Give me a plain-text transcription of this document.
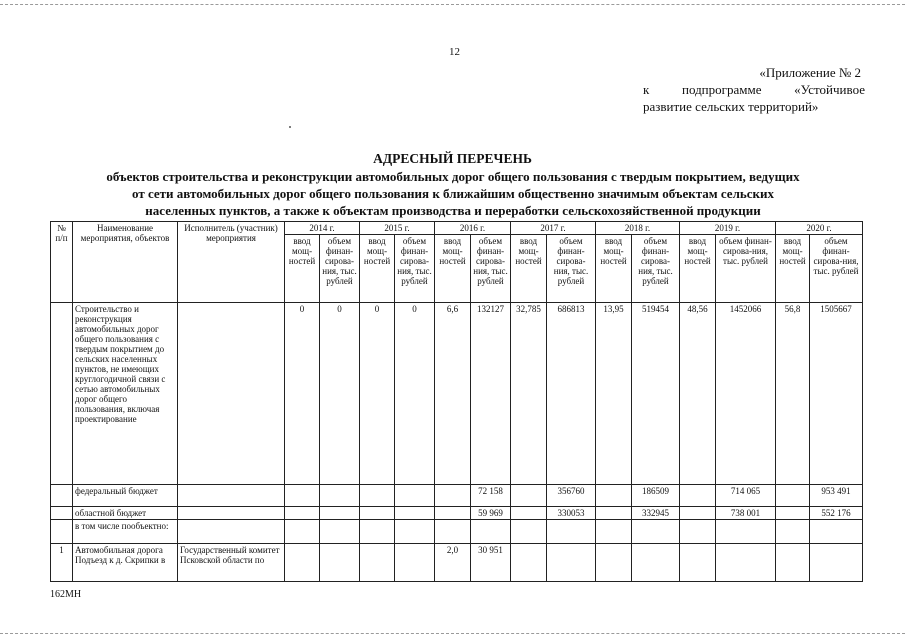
12
«Приложение № 2
к подпрограмме «Устойчивое
развитие сельских территорий»
АДРЕСНЫЙ ПЕРЕЧЕНЬ
объектов строительства и реконструкции автомобильных дорог общего пользования с твердым покрытием, ведущих
от сети автомобильных дорог общего пользования к ближайшим общественно значимым объектам сельских
населенных пунктов, а также к объектам производства и переработки сельскохозяйственной продукции
№ п/п	Наименование мероприятия, объектов	Исполнитель (участник) мероприятия	2014 г.		2015 г.		2016 г.		2017 г.		2018 г.		2019 г.		2020 г.	
			ввод мощ-ностей	объем финан-сирова-ния, тыс. рублей	ввод мощ-ностей	объем финан-сирова-ния, тыс. рублей	ввод мощ-ностей	объем финан-сирова-ния, тыс. рублей	ввод мощ-ностей	объем финан-сирова-ния, тыс. рублей	ввод мощ-ностей	объем финан-сирова-ния, тыс. рублей	ввод мощ-ностей	объем финан-сирова-ния, тыс. рублей	ввод мощ-ностей	объем финан-сирова-ния, тыс. рублей
	Строительство и реконструкция автомобильных дорог общего пользования с твердым покрытием до сельских населенных пунктов, не имеющих круглогодичной связи с сетью автомобильных дорог общего пользования, включая проектирование		0	0	0	0	6,6	132127	32,785	686813	13,95	519454	48,56	1452066	56,8	1505667
	федеральный бюджет							72 158		356760		186509		714 065		953 491
	областной бюджет							59 969		330053		332945		738 001		552 176
	в том числе пообъектно:															
1	Автомобильная дорога Подъезд к д. Скрипки в	Государственный комитет Псковской области по					2,0	30 951								
162МН
